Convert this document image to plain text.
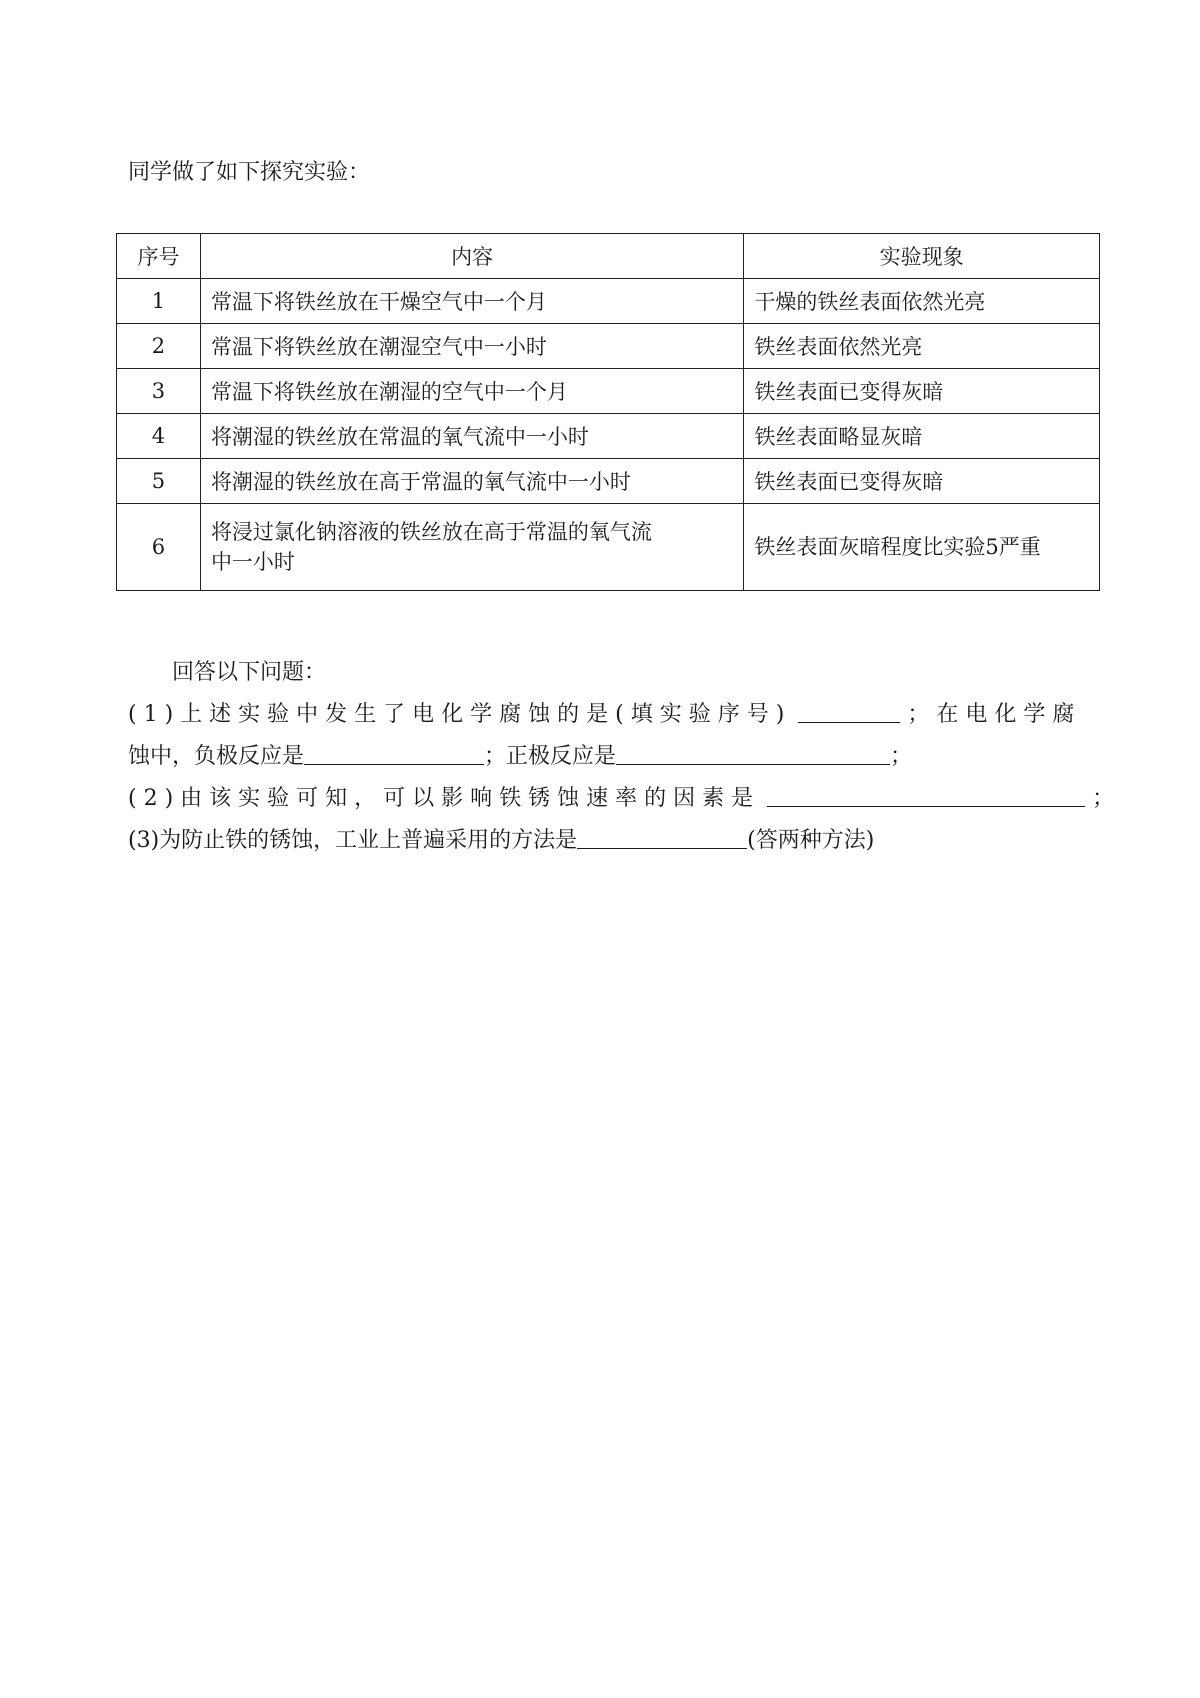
同学做了如下探究实验：
序号	内容	实验现象
1	常温下将铁丝放在干燥空气中一个月	干燥的铁丝表面依然光亮
2	常温下将铁丝放在潮湿空气中一小时	铁丝表面依然光亮
3	常温下将铁丝放在潮湿的空气中一个月	铁丝表面已变得灰暗
4	将潮湿的铁丝放在常温的氧气流中一小时	铁丝表面略显灰暗
5	将潮湿的铁丝放在高于常温的氧气流中一小时	铁丝表面已变得灰暗
6	将浸过氯化钠溶液的铁丝放在高于常温的氧气流
中一小时	铁丝表面灰暗程度比实验5严重
回答以下问题：
(1)上述实验中发生了电化学腐蚀的是(填实验序号)	；在电化学腐
蚀中，负极反应是	；正极反应是	；
(2)由该实验可知，可以影响铁锈蚀速率的因素是	；
(3)为防止铁的锈蚀，工业上普遍采用的方法是	(答两种方法)
